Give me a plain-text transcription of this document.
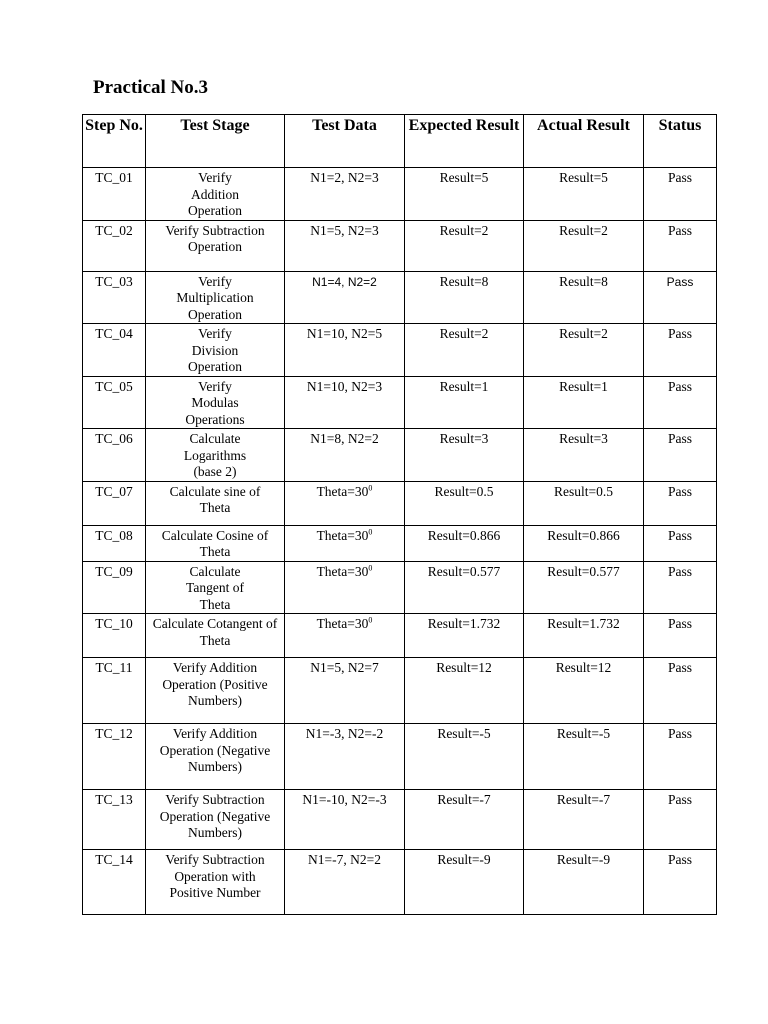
Practical No.3
Step No.	Test Stage	Test Data	Expected Result	Actual Result	Status

TC_01	Verify Addition Operation	N1=2, N2=3	Result=5	Result=5	Pass

TC_02	Verify Subtraction Operation	N1=5, N2=3	Result=2	Result=2	Pass

TC_03	Verify Multiplication Operation	N1=4, N2=2	Result=8	Result=8	Pass

TC_04	Verify Division Operation	N1=10, N2=5	Result=2	Result=2	Pass

TC_05	Verify Modulas Operations	N1=10, N2=3	Result=1	Result=1	Pass

TC_06	Calculate Logarithms (base 2)	N1=8, N2=2	Result=3	Result=3	Pass

TC_07	Calculate sine of Theta	$Theta=30^0$	Result=0.5	Result=0.5	Pass

TC_08	Calculate Cosine of Theta	$Theta=30^0$	Result=0.866	Result=0.866	Pass

TC_09	Calculate Tangent of Theta	$Theta=30^0$	Result=0.577	Result=0.577	Pass

TC_10	Calculate Cotangent of Theta	$Theta=30^0$	Result=1.732	Result=1.732	Pass

TC_11	Verify Addition Operation (Positive Numbers)	N1=5, N2=7	Result=12	Result=12	Pass

TC_12	Verify Addition Operation (Negative Numbers)	N1=-3, N2=-2	Result=-5	Result=-5	Pass

TC_13	Verify Subtraction Operation (Negative Numbers)	N1=-10, N2=-3	Result=-7	Result=-7	Pass

TC_14	Verify Subtraction Operation with Positive Number	N1=-7, N2=2	Result=-9	Result=-9	Pass
